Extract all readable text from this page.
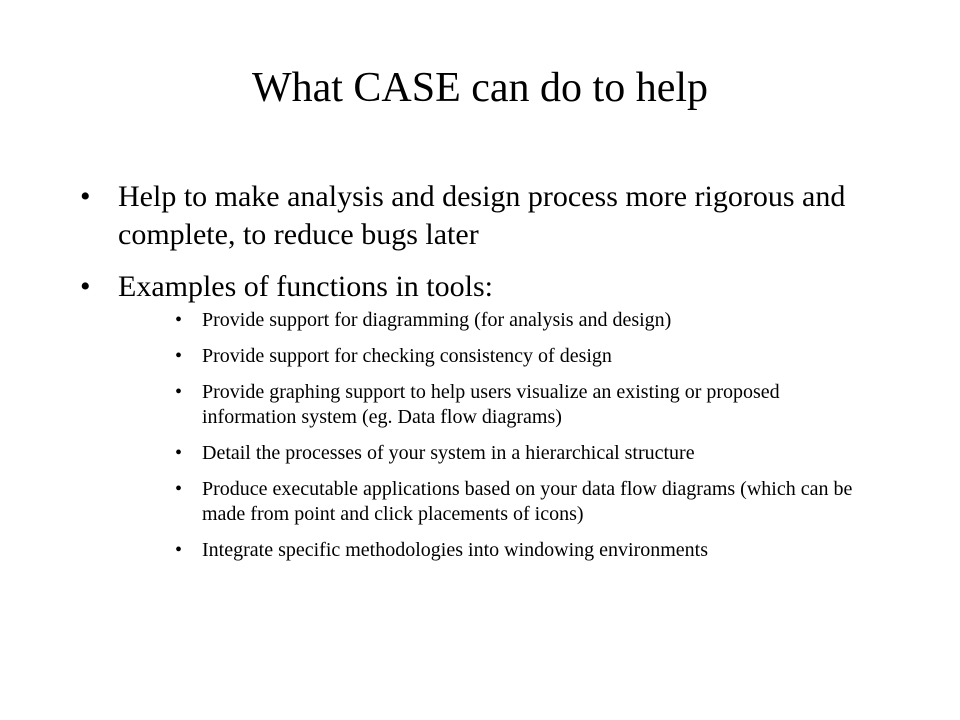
What CASE can do to help
• Help to make analysis and design process more rigorous and complete, to reduce bugs later
• Examples of functions in tools:
• Provide support for diagramming (for analysis and design)
• Provide support for checking consistency of design
• Provide graphing support to help users visualize an existing or proposed information system (eg. Data flow diagrams)
• Detail the processes of your system in a hierarchical structure
• Produce executable applications based on your data flow diagrams (which can be made from point and click placements of icons)
• Integrate specific methodologies into windowing environments
